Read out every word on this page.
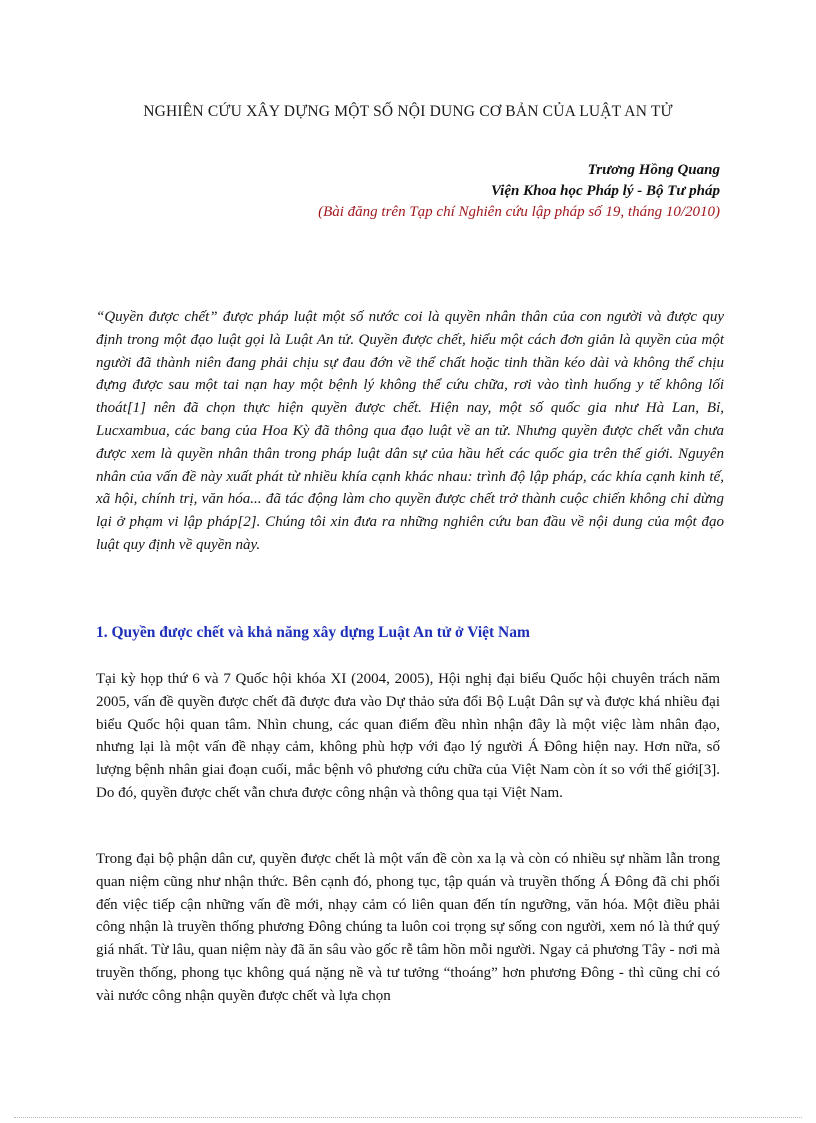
NGHIÊN CỨU XÂY DỰNG MỘT SỐ NỘI DUNG CƠ BẢN CỦA LUẬT AN TỬ
Trương Hồng Quang
Viện Khoa học Pháp lý - Bộ Tư pháp
(Bài đăng trên Tạp chí Nghiên cứu lập pháp số 19, tháng 10/2010)
“Quyền được chết” được pháp luật một số nước coi là quyền nhân thân của con người và được quy định trong một đạo luật gọi là Luật An tử. Quyền được chết, hiểu một cách đơn giản là quyền của một người đã thành niên đang phải chịu sự đau đớn về thể chất hoặc tinh thần kéo dài và không thể chịu đựng được sau một tai nạn hay một bệnh lý không thể cứu chữa, rơi vào tình huống y tế không lối thoát[1] nên đã chọn thực hiện quyền được chết. Hiện nay, một số quốc gia như Hà Lan, Bỉ, Lucxambua, các bang của Hoa Kỳ đã thông qua đạo luật về an tử. Nhưng quyền được chết vẫn chưa được xem là quyền nhân thân trong pháp luật dân sự của hầu hết các quốc gia trên thế giới. Nguyên nhân của vấn đề này xuất phát từ nhiều khía cạnh khác nhau: trình độ lập pháp, các khía cạnh kinh tế, xã hội, chính trị, văn hóa... đã tác động làm cho quyền được chết trở thành cuộc chiến không chỉ dừng lại ở phạm vi lập pháp[2]. Chúng tôi xin đưa ra những nghiên cứu ban đầu về nội dung của một đạo luật quy định về quyền này.
1. Quyền được chết và khả năng xây dựng Luật An tử ở Việt Nam
Tại kỳ họp thứ 6 và 7 Quốc hội khóa XI (2004, 2005), Hội nghị đại biểu Quốc hội chuyên trách năm 2005, vấn đề quyền được chết đã được đưa vào Dự thảo sửa đổi Bộ Luật Dân sự và được khá nhiều đại biểu Quốc hội quan tâm. Nhìn chung, các quan điểm đều nhìn nhận đây là một việc làm nhân đạo, nhưng lại là một vấn đề nhạy cảm, không phù hợp với đạo lý người Á Đông hiện nay. Hơn nữa, số lượng bệnh nhân giai đoạn cuối, mắc bệnh vô phương cứu chữa của Việt Nam còn ít so với thế giới[3]. Do đó, quyền được chết vẫn chưa được công nhận và thông qua tại Việt Nam.
Trong đại bộ phận dân cư, quyền được chết là một vấn đề còn xa lạ và còn có nhiều sự nhầm lẫn trong quan niệm cũng như nhận thức. Bên cạnh đó, phong tục, tập quán và truyền thống Á Đông đã chi phối đến việc tiếp cận những vấn đề mới, nhạy cảm có liên quan đến tín ngưỡng, văn hóa. Một điều phải công nhận là truyền thống phương Đông chúng ta luôn coi trọng sự sống con người, xem nó là thứ quý giá nhất. Từ lâu, quan niệm này đã ăn sâu vào gốc rễ tâm hồn mỗi người. Ngay cả phương Tây - nơi mà truyền thống, phong tục không quá nặng nề và tư tưởng “thoáng” hơn phương Đông - thì cũng chỉ có vài nước công nhận quyền được chết và lựa chọn
